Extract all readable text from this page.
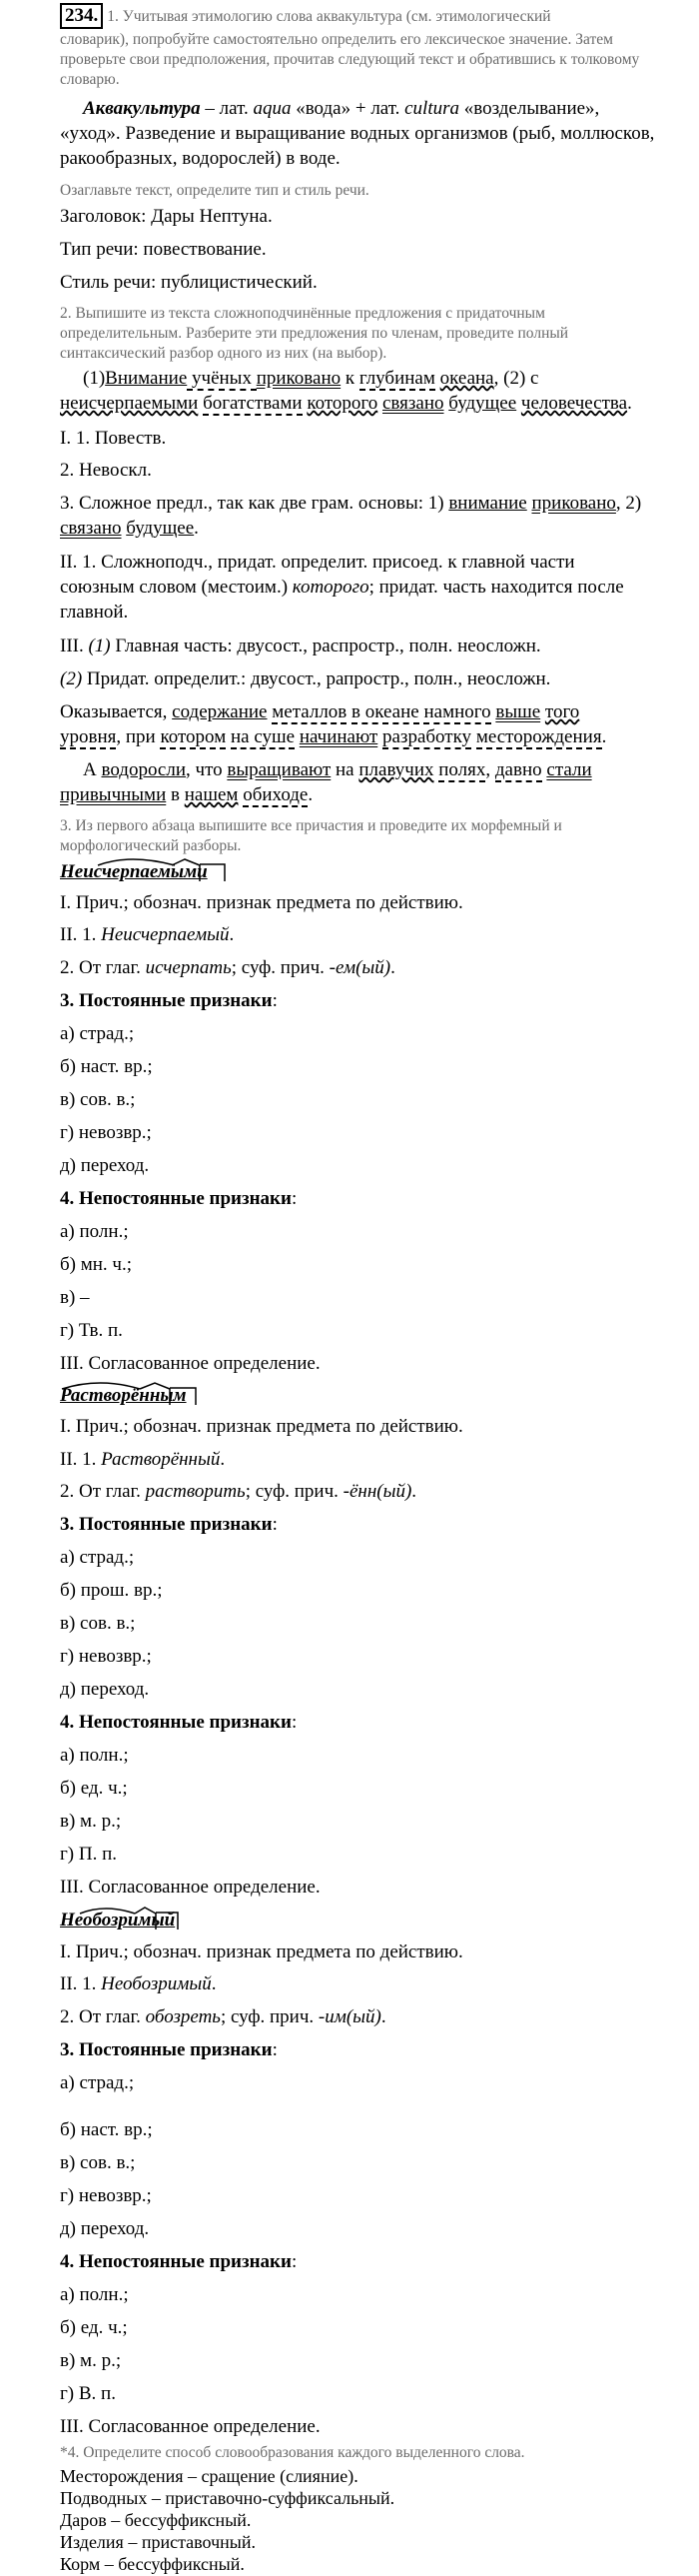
234. 1. Учитывая этимологию слова аквакультура (см. этимологический
словарик), попробуйте самостоятельно определить его лексическое значение. Затем
проверьте свои предположения, прочитав следующий текст и обратившись к толковому
словарю.
Аквакультура – лат. aqua «вода» + лат. cultura «возделывание»,
«уход». Разведение и выращивание водных организмов (рыб, моллюсков,
ракообразных, водорослей) в воде.
Озаглавьте текст, определите тип и стиль речи.
Заголовок: Дары Нептуна.
Тип речи: повествование.
Стиль речи: публицистический.
2. Выпишите из текста сложноподчинённые предложения с придаточным
определительным. Разберите эти предложения по членам, проведите полный
синтаксический разбор одного из них (на выбор).
(1)Внимание учёных приковано к глубинам океана, (2) с
неисчерпаемыми богатствами которого связано будущее человечества.
I. 1. Повеств.
2. Невоскл.
3. Сложное предл., так как две грам. основы: 1) внимание приковано, 2)
связано будущее.
II. 1. Сложноподч., придат. определит. присоед. к главной части
союзным словом (местоим.) которого; придат. часть находится после
главной.
III. (1) Главная часть: двусост., распростр., полн. неосложн.
(2) Придат. определит.: двусост., рапростр., полн., неосложн.
Оказывается, содержание металлов в океане намного выше того
уровня, при котором на суше начинают разработку месторождения.
А водоросли, что выращивают на плавучих полях, давно стали
привычными в нашем обиходе.
3. Из первого абзаца выпишите все причастия и проведите их морфемный и
морфологический разборы.
Неисчерпаемыми
I. Прич.; обознач. признак предмета по действию.
II. 1. Неисчерпаемый.
2. От глаг. исчерпать; суф. прич. -ем(ый).
3. Постоянные признаки:
а) страд.;
б) наст. вр.;
в) сов. в.;
г) невозвр.;
д) переход.
4. Непостоянные признаки:
а) полн.;
б) мн. ч.;
в) –
г) Тв. п.
III. Согласованное определение.
Растворённым
I. Прич.; обознач. признак предмета по действию.
II. 1. Растворённый.
2. От глаг. растворить; суф. прич. -ённ(ый).
3. Постоянные признаки:
а) страд.;
б) прош. вр.;
в) сов. в.;
г) невозвр.;
д) переход.
4. Непостоянные признаки:
а) полн.;
б) ед. ч.;
в) м. р.;
г) П. п.
III. Согласованное определение.
Необозримый
I. Прич.; обознач. признак предмета по действию.
II. 1. Необозримый.
2. От глаг. обозреть; суф. прич. -им(ый).
3. Постоянные признаки:
а) страд.;
б) наст. вр.;
в) сов. в.;
г) невозвр.;
д) переход.
4. Непостоянные признаки:
а) полн.;
б) ед. ч.;
в) м. р.;
г) В. п.
III. Согласованное определение.
*4. Определите способ словообразования каждого выделенного слова.
Месторождения – сращение (слияние).
Подводных – приставочно-суффиксальный.
Даров – бессуффиксный.
Изделия – приставочный.
Корм – бессуффиксный.
